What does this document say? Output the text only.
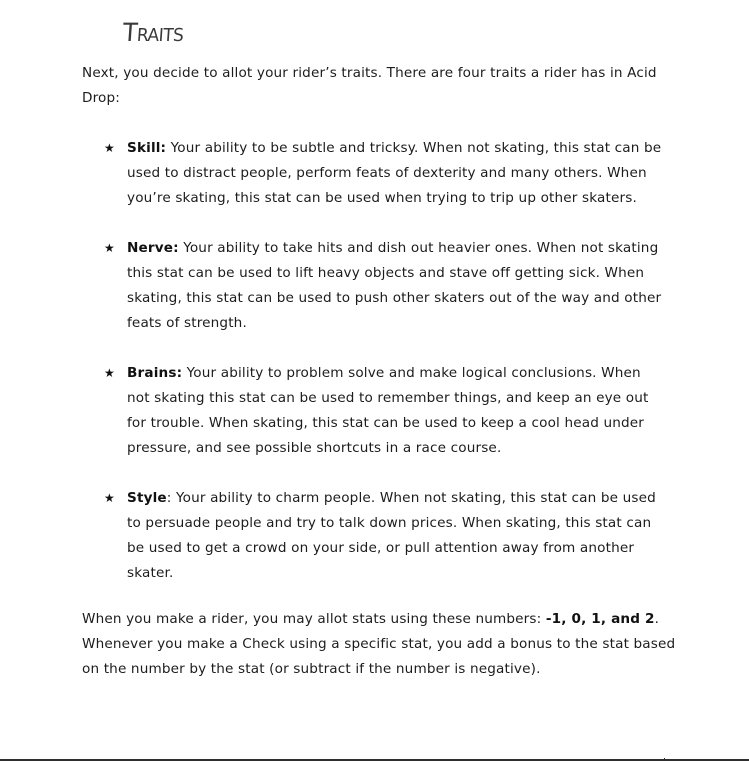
Traits

Next, you decide to allot your rider’s traits. There are four traits a rider has in Acid Drop:

★ Skill: Your ability to be subtle and tricksy. When not skating, this stat can be used to distract people, perform feats of dexterity and many others. When you’re skating, this stat can be used when trying to trip up other skaters.
★ Nerve: Your ability to take hits and dish out heavier ones. When not skating this stat can be used to lift heavy objects and stave off getting sick. When skating, this stat can be used to push other skaters out of the way and other feats of strength.
★ Brains: Your ability to problem solve and make logical conclusions. When not skating this stat can be used to remember things, and keep an eye out for trouble. When skating, this stat can be used to keep a cool head under pressure, and see possible shortcuts in a race course.
★ Style: Your ability to charm people. When not skating, this stat can be used to persuade people and try to talk down prices. When skating, this stat can be used to get a crowd on your side, or pull attention away from another skater.

When you make a rider, you may allot stats using these numbers: -1, 0, 1, and 2. Whenever you make a Check using a specific stat, you add a bonus to the stat based on the number by the stat (or subtract if the number is negative).
